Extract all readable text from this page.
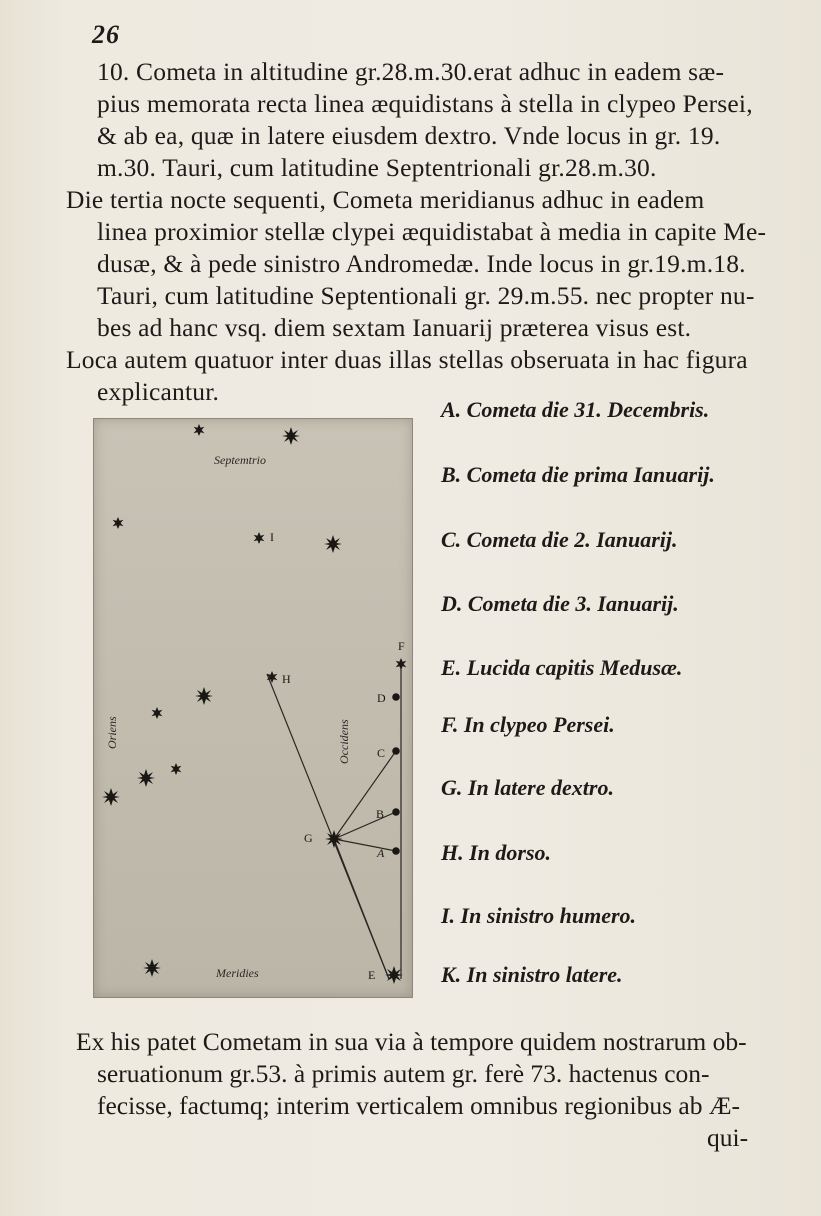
26
10. Cometa in altitudine gr.28.m.30.erat adhuc in eadem sæ-
pius memorata recta linea æquidistans à stella in clypeo Persei,
& ab ea, quæ in latere eiusdem dextro. Vnde locus in gr. 19.
m.30. Tauri, cum latitudine Septentrionali gr.28.m.30.
Die tertia nocte sequenti, Cometa meridianus adhuc in eadem
linea proximior stellæ clypei æquidistabat à media in capite Me-
dusæ, & à pede sinistro Andromedæ. Inde locus in gr.19.m.18.
Tauri, cum latitudine Septentionali gr. 29.m.55. nec propter nu-
bes ad hanc vsq. diem sextam Ianuarij præterea visus est.
Loca autem quatuor inter duas illas stellas obseruata in hac figura
explicantur.
Septemtrio
Meridies
Oriens	Occidens
A
B
C
D
E
F
G
H
I
A. Cometa die 31. Decembris.
B. Cometa die prima Ianuarij.
C. Cometa die 2. Ianuarij.
D. Cometa die 3. Ianuarij.
E. Lucida capitis Medusæ.
F. In clypeo Persei.
G. In latere dextro.
H. In dorso.
I. In sinistro humero.
K. In sinistro latere.
Ex his patet Cometam in sua via à tempore quidem nostrarum ob-
seruationum gr.53. à primis autem gr. ferè 73. hactenus con-
fecisse, factumq; interim verticalem omnibus regionibus ab Æ-
qui-
